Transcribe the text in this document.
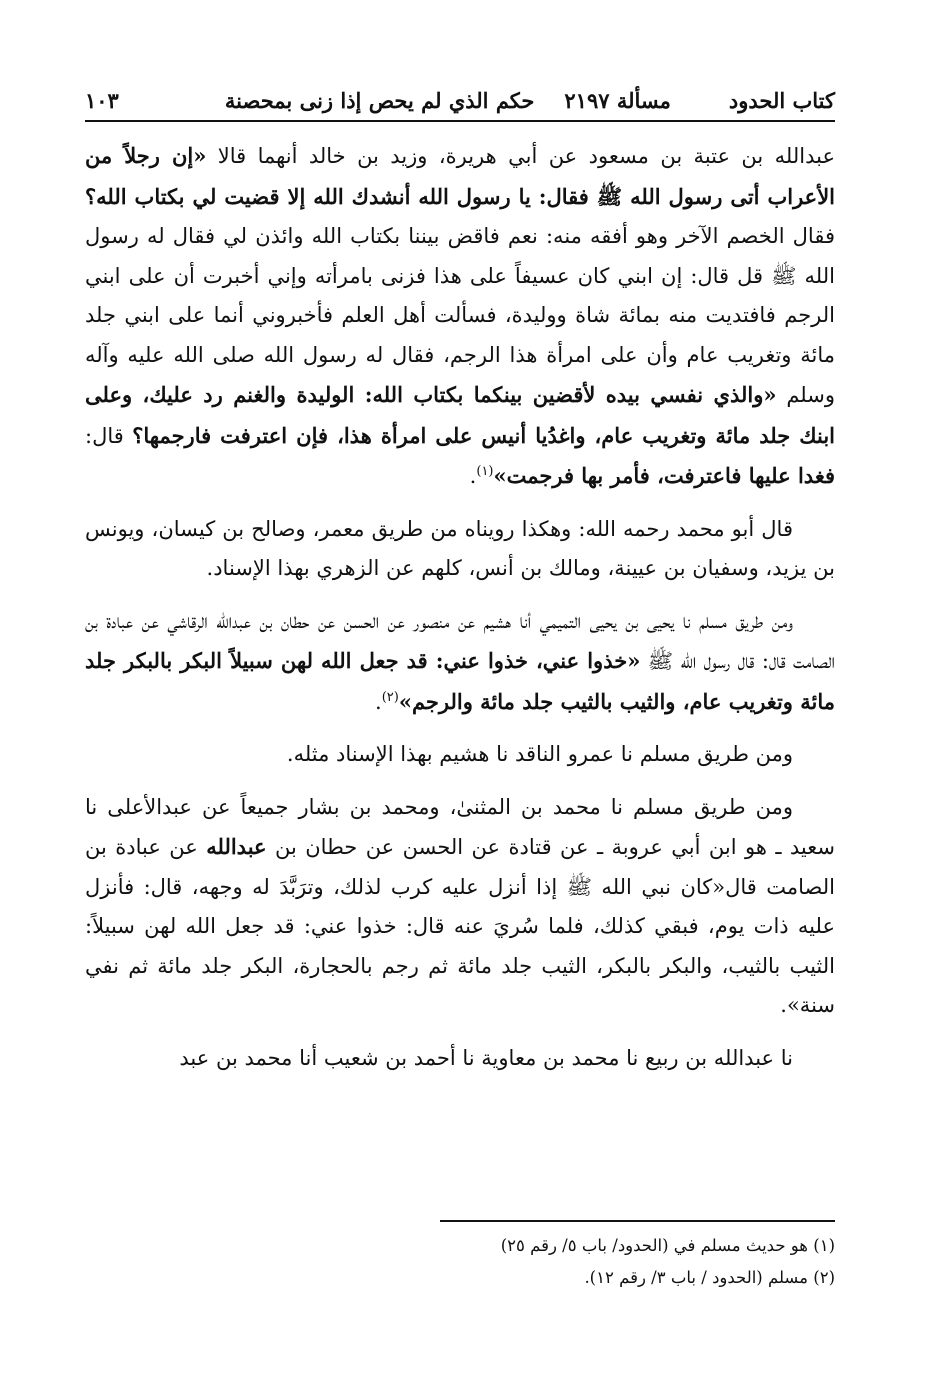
كتاب الحدود
مسألة ٢١٩٧
حكم الذي لم يحص إذا زنى بمحصنة
١٠٣

عبدالله بن عتبة بن مسعود عن أبي هريرة، وزيد بن خالد أنهما قالا «إن رجلاً من الأعراب أتى رسول الله ﷺ فقال: يا رسول الله أنشدك الله إلا قضيت لي بكتاب الله؟ فقال الخصم الآخر وهو أفقه منه: نعم فاقض بيننا بكتاب الله وائذن لي فقال له رسول الله ﷺ قل قال: إن ابني كان عسيفاً على هذا فزنى بامرأته وإني أخبرت أن على ابني الرجم فافتديت منه بمائة شاة ووليدة، فسألت أهل العلم فأخبروني أنما على ابني جلد مائة وتغريب عام وأن على امرأة هذا الرجم، فقال له رسول الله صلى الله عليه وآله وسلم «والذي نفسي بيده لأقضين بينكما بكتاب الله: الوليدة والغنم رد عليك، وعلى ابنك جلد مائة وتغريب عام، واغدُيا أنيس على امرأة هذا، فإن اعترفت فارجمها؟ قال: فغدا عليها فاعترفت، فأمر بها فرجمت»$^{(١)}$.

قال أبو محمد رحمه الله: وهكذا رويناه من طريق معمر، وصالح بن كيسان، ويونس بن يزيد، وسفيان بن عيينة، ومالك بن أنس، كلهم عن الزهري بهذا الإسناد.

ومن طريق مسلم نا يحيى بن يحيى التميمي أنا هشيم عن منصور عن الحسن عن حطان بن عبدالله الرقاشي عن عبادة بن الصامت قال: قال رسول الله ﷺ «خذوا عني، خذوا عني: قد جعل الله لهن سبيلاً البكر بالبكر جلد مائة وتغريب عام، والثيب بالثيب جلد مائة والرجم»$^{(٢)}$.

ومن طريق مسلم نا عمرو الناقد نا هشيم بهذا الإسناد مثله.

ومن طريق مسلم نا محمد بن المثنىٰ، ومحمد بن بشار جميعاً عن عبدالأعلى نا سعيد ـ هو ابن أبي عروبة ـ عن قتادة عن الحسن عن حطان بن عبدالله عن عبادة بن الصامت قال«كان نبي الله ﷺ إذا أنزل عليه كرب لذلك، وترَبَّدَ له وجهه، قال: فأنزل عليه ذات يوم، فبقي كذلك، فلما سُريَ عنه قال: خذوا عني: قد جعل الله لهن سبيلاً: الثيب بالثيب، والبكر بالبكر، الثيب جلد مائة ثم رجم بالحجارة، البكر جلد مائة ثم نفي سنة».

نا عبدالله بن ربيع نا محمد بن معاوية نا أحمد بن شعيب أنا محمد بن عبد

(١) هو حديث مسلم في (الحدود/ باب ٥/ رقم ٢٥)

(٢) مسلم (الحدود / باب ٣/ رقم ١٢).
